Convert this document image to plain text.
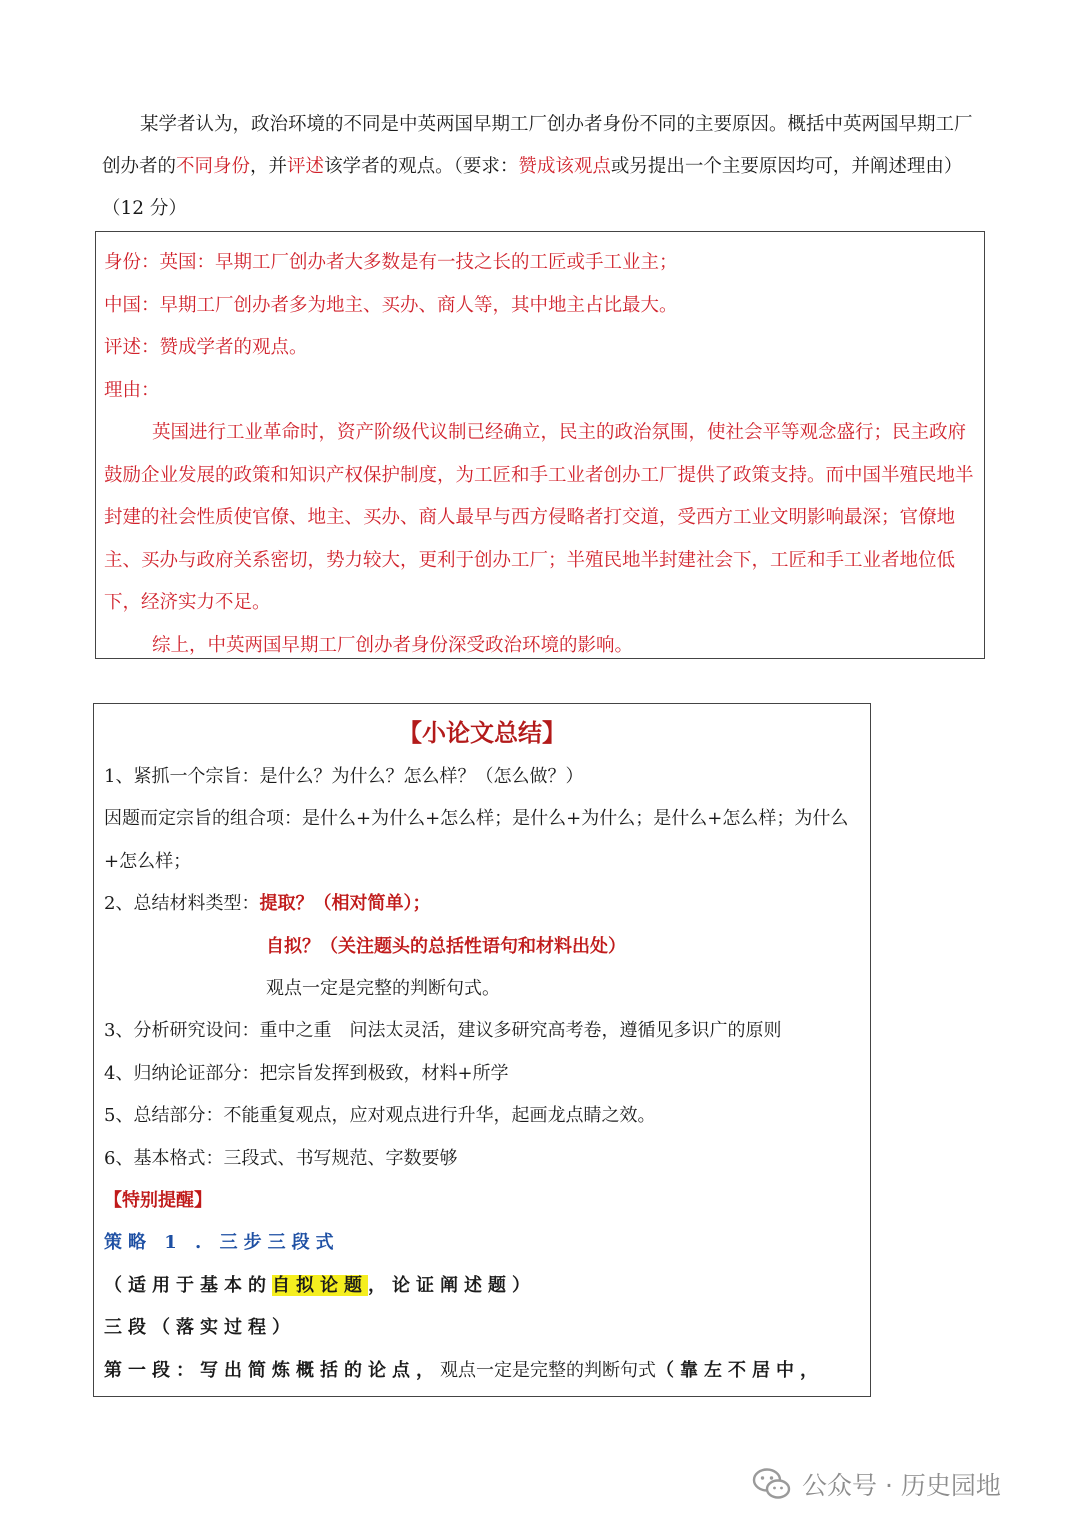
某学者认为，政治环境的不同是中英两国早期工厂创办者身份不同的主要原因。概括中英两国早期工厂创办者的不同身份，并评述该学者的观点。（要求：赞成该观点或另提出一个主要原因均可，并阐述理由）（12 分）

身份：英国：早期工厂创办者大多数是有一技之长的工匠或手工业主；

中国：早期工厂创办者多为地主、买办、商人等，其中地主占比最大。

评述：赞成学者的观点。

理由：

英国进行工业革命时，资产阶级代议制已经确立，民主的政治氛围，使社会平等观念盛行；民主政府鼓励企业发展的政策和知识产权保护制度，为工匠和手工业者创办工厂提供了政策支持。而中国半殖民地半封建的社会性质使官僚、地主、买办、商人最早与西方侵略者打交道，受西方工业文明影响最深；官僚地主、买办与政府关系密切，势力较大，更利于创办工厂；半殖民地半封建社会下，工匠和手工业者地位低下，经济实力不足。

综上，中英两国早期工厂创办者身份深受政治环境的影响。

【小论文总结】

1、紧抓一个宗旨：是什么？为什么？怎么样？（怎么做？）

因题而定宗旨的组合项：是什么+为什么+怎么样；是什么+为什么；是什么+怎么样；为什么+怎么样；

2、总结材料类型：提取？（相对简单）；

自拟？（关注题头的总括性语句和材料出处）

观点一定是完整的判断句式。

3、分析研究设问：重中之重　问法太灵活，建议多研究高考卷，遵循见多识广的原则

4、归纳论证部分：把宗旨发挥到极致，材料+所学

5、总结部分：不能重复观点，应对观点进行升华，起画龙点睛之效。

6、基本格式：三段式、书写规范、字数要够

【特别提醒】

策略 1 . 三步三段式

（适用于基本的自拟论题，论证阐述题）

三段（落实过程）

第一段：写出简炼概括的论点，观点一定是完整的判断句式（靠左不居中，

公众号 · 历史园地
